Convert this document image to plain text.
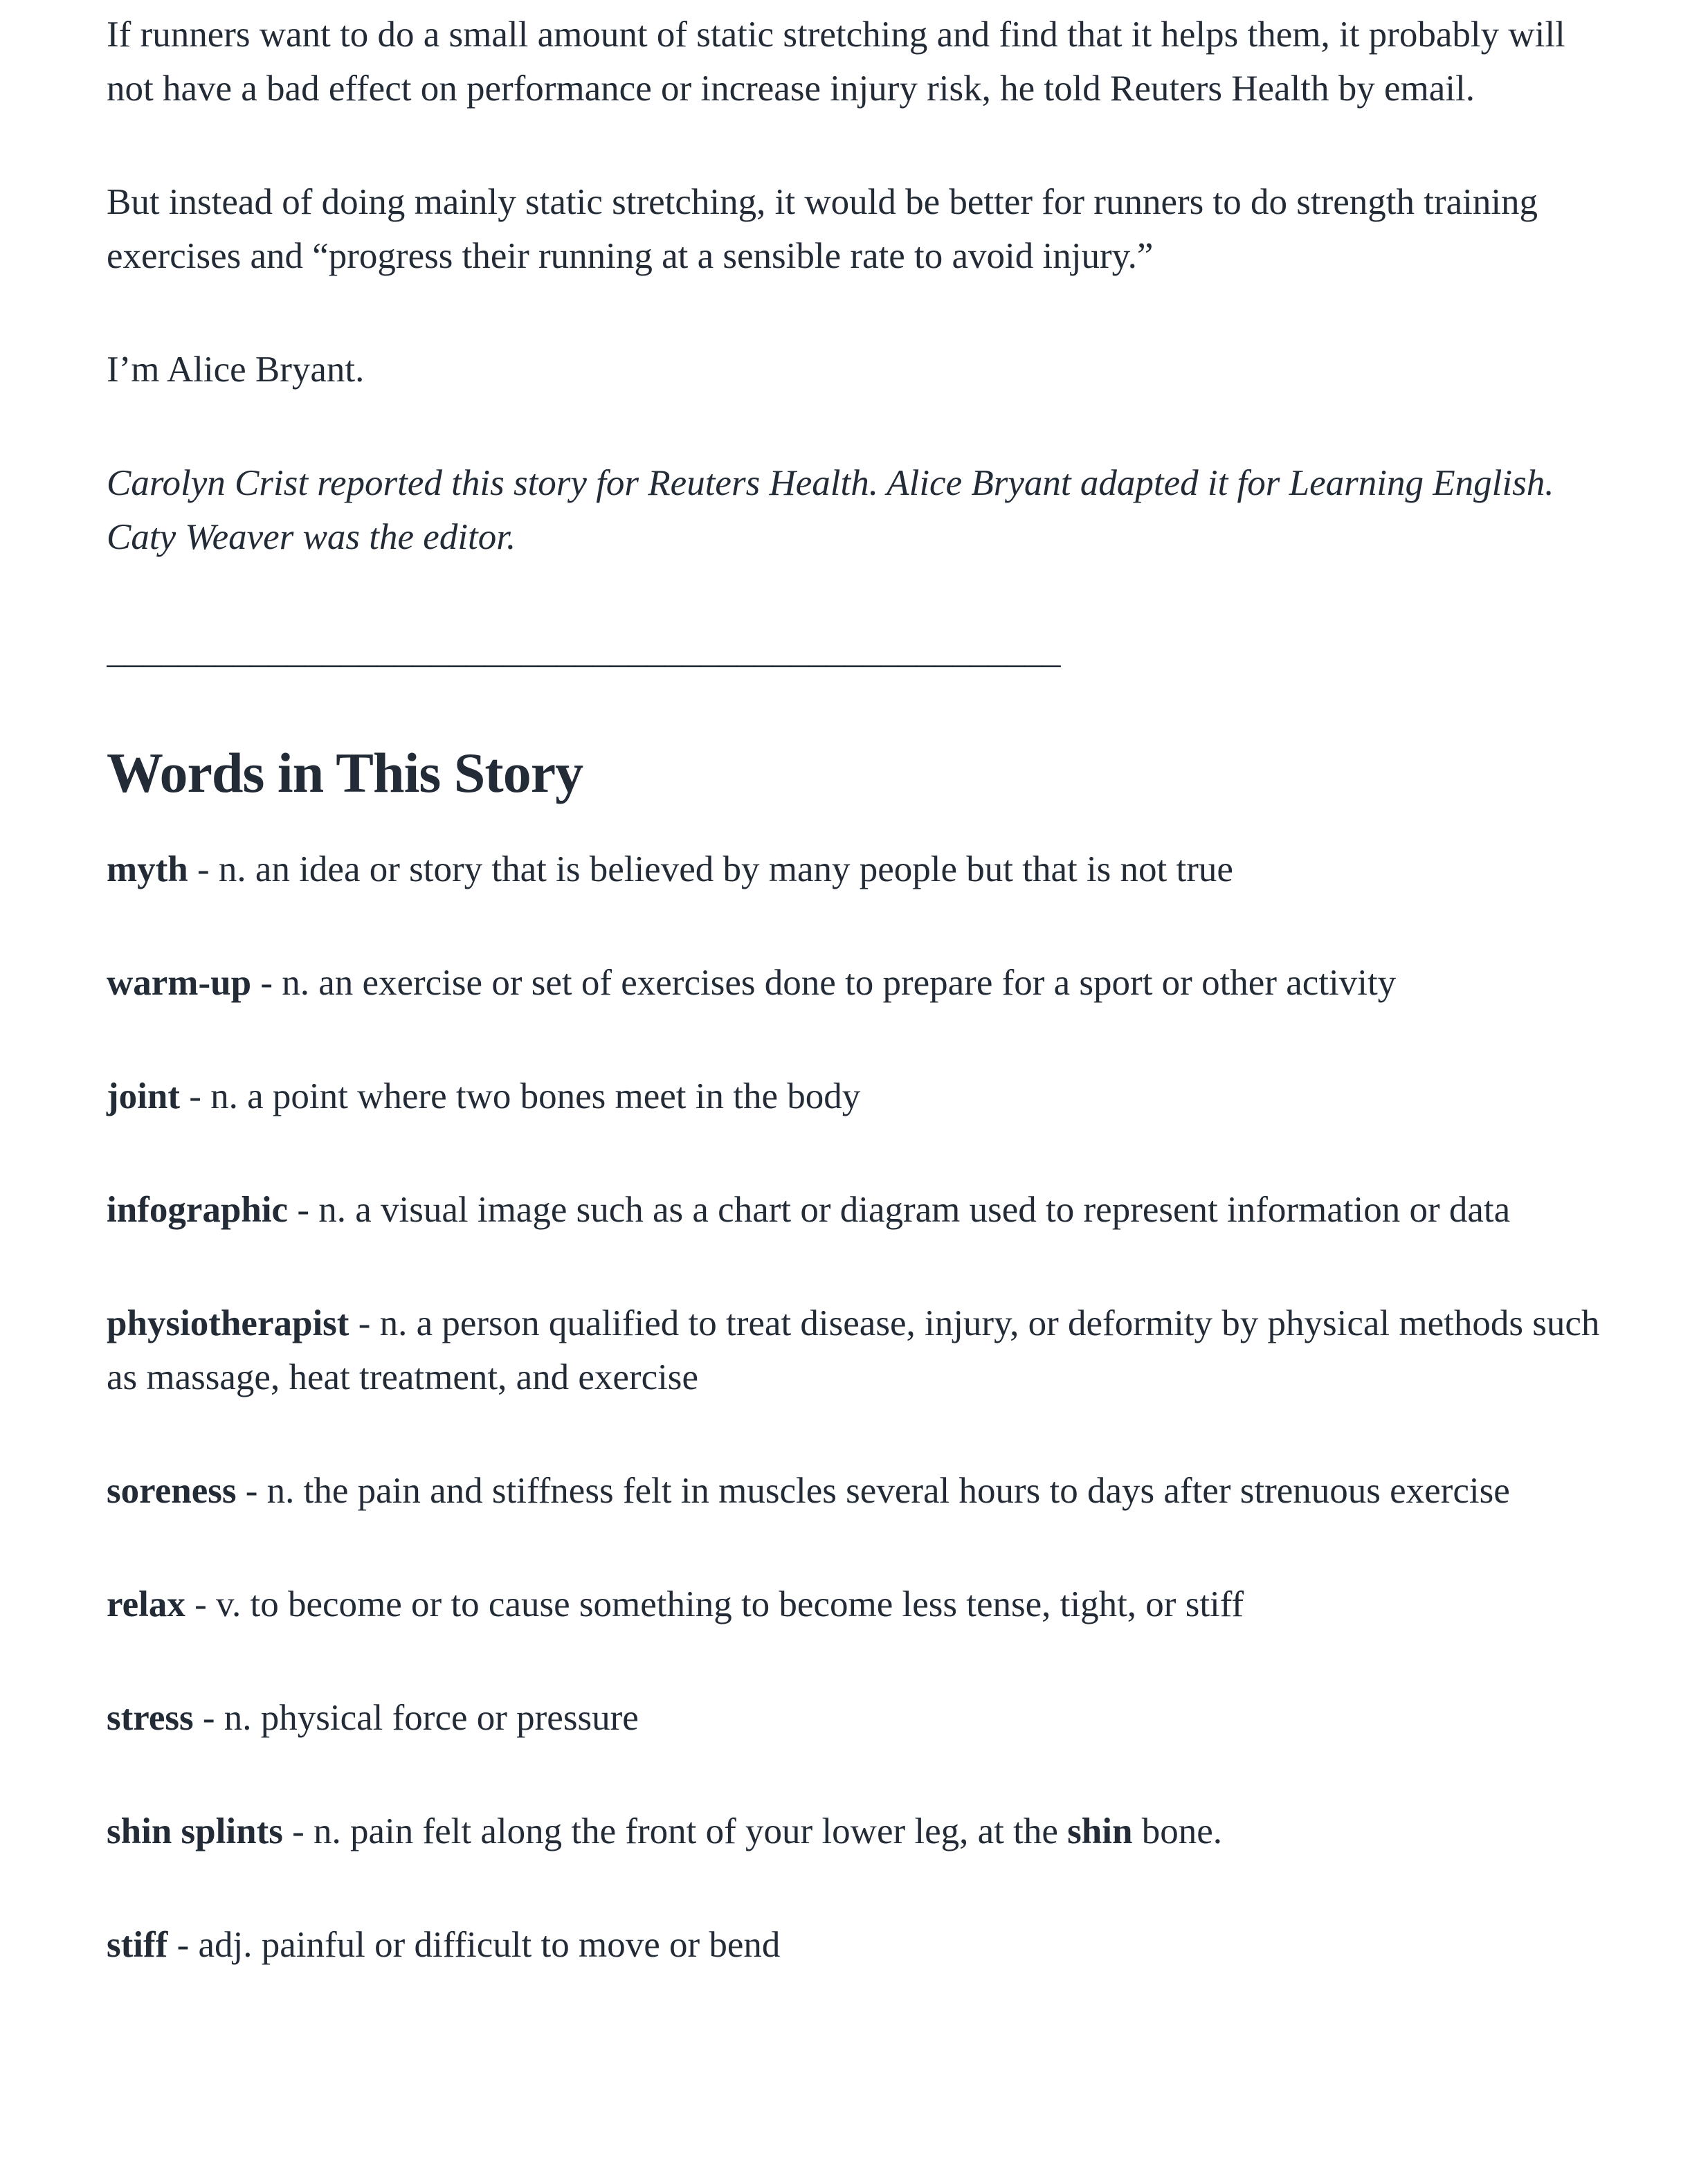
If runners want to do a small amount of static stretching and find that it helps them, it probably will not have a bad effect on performance or increase injury risk, he told Reuters Health by email.

But instead of doing mainly static stretching, it would be better for runners to do strength training exercises and “progress their running at a sensible rate to avoid injury.”

I’m Alice Bryant.

Carolyn Crist reported this story for Reuters Health. Alice Bryant adapted it for Learning English. Caty Weaver was the editor.

_____________________________________________________
Words in This Story
myth - n. an idea or story that is believed by many people but that is not true
warm-up - n. an exercise or set of exercises done to prepare for a sport or other activity
joint - n. a point where two bones meet in the body
infographic - n. a visual image such as a chart or diagram used to represent information or data
physiotherapist - n. a person qualified to treat disease, injury, or deformity by physical methods such as massage, heat treatment, and exercise
soreness - n. the pain and stiffness felt in muscles several hours to days after strenuous exercise
relax - v. to become or to cause something to become less tense, tight, or stiff
stress - n. physical force or pressure
shin splints - n. pain felt along the front of your lower leg, at the shin bone.
stiff - adj. painful or difficult to move or bend
